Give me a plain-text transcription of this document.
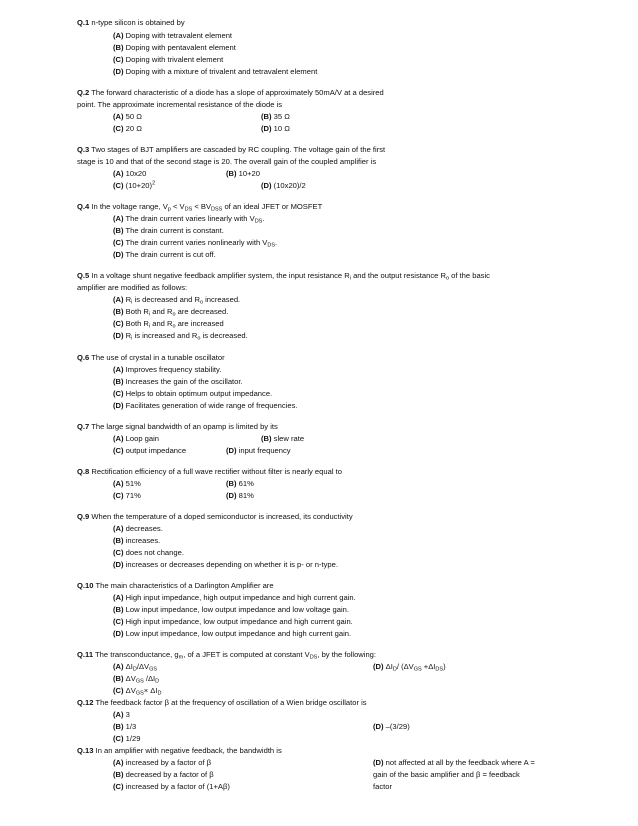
Q.1 n-type silicon is obtained by
(A) Doping with tetravalent element
(B) Doping with pentavalent element
(C) Doping with trivalent element
(D) Doping with a mixture of trivalent and tetravalent element
Q.2 The forward characteristic of a diode has a slope of approximately 50mA/V at a desired
point. The approximate incremental resistance of the diode is
(A) 50 Ω	(B) 35 Ω
(C) 20 Ω	(D) 10 Ω
Q.3 Two stages of BJT amplifiers are cascaded by RC coupling. The voltage gain of the first
stage is 10 and that of the second stage is 20. The overall gain of the coupled amplifier is
(A) 10x20	(B) 10+20
(C) $(10+20)^2$	(D) (10x20)/2
Q.4 In the voltage range, $V_p < V_{DS} < BV_{DSS}$ of an ideal JFET or MOSFET
(A) The drain current varies linearly with $V_{DS}$.
(B) The drain current is constant.
(C) The drain current varies nonlinearly with $V_{DS}$.
(D) The drain current is cut off.
Q.5 In a voltage shunt negative feedback amplifier system, the input resistance $R_i$ and the output resistance $R_o$ of the basic
amplifier are modified as follows:
(A) $R_i$ is decreased and $R_o$ increased.
(B) Both $R_i$ and $R_o$ are decreased.
(C) Both $R_i$ and $R_o$ are increased
(D) $R_i$ is increased and $R_o$ is decreased.
Q.6 The use of crystal in a tunable oscillator
(A) Improves frequency stability.
(B) Increases the gain of the oscillator.
(C) Helps to obtain optimum output impedance.
(D) Facilitates generation of wide range of frequencies.
Q.7 The large signal bandwidth of an opamp is limited by its
(A) Loop gain	(B) slew rate
(C) output impedance	(D) input frequency
Q.8 Rectification efficiency of a full wave rectifier without filter is nearly equal to
(A) 51%	(B) 61%
(C) 71%	(D) 81%
Q.9 When the temperature of a doped semiconductor is increased, its conductivity
(A) decreases.
(B) increases.
(C) does not change.
(D) increases or decreases depending on whether it is p- or n-type.
Q.10 The main characteristics of a Darlington Amplifier are
(A) High input impedance, high output impedance and high current gain.
(B) Low input impedance, low output impedance and low voltage gain.
(C) High input impedance, low output impedance and high current gain.
(D) Low input impedance, low output impedance and high current gain.
Q.11 The transconductance, $g_m$, of a JFET is computed at constant $V_{DS}$, by the following:
(A) $\Delta I_D/\Delta V_{GS}$	(D) $\Delta I_D/$ $(\Delta V_{GS} +\Delta I_{DS})$
(B) $\Delta V_{GS}$ $/\Delta I_D$
(C) $\Delta V_{GS}\times \Delta I_D$
Q.12 The feedback factor β at the frequency of oscillation of a Wien bridge oscillator is
(A) 3
(B) 1/3	(D) –(3/29)
(C) 1/29
Q.13 In an amplifier with negative feedback, the bandwidth is
(A) increased by a factor of β	(D) not affected at all by the feedback where A =
(B) decreased by a factor of β	gain of the basic amplifier and β = feedback
(C) increased by a factor of (1+Aβ)	factor
